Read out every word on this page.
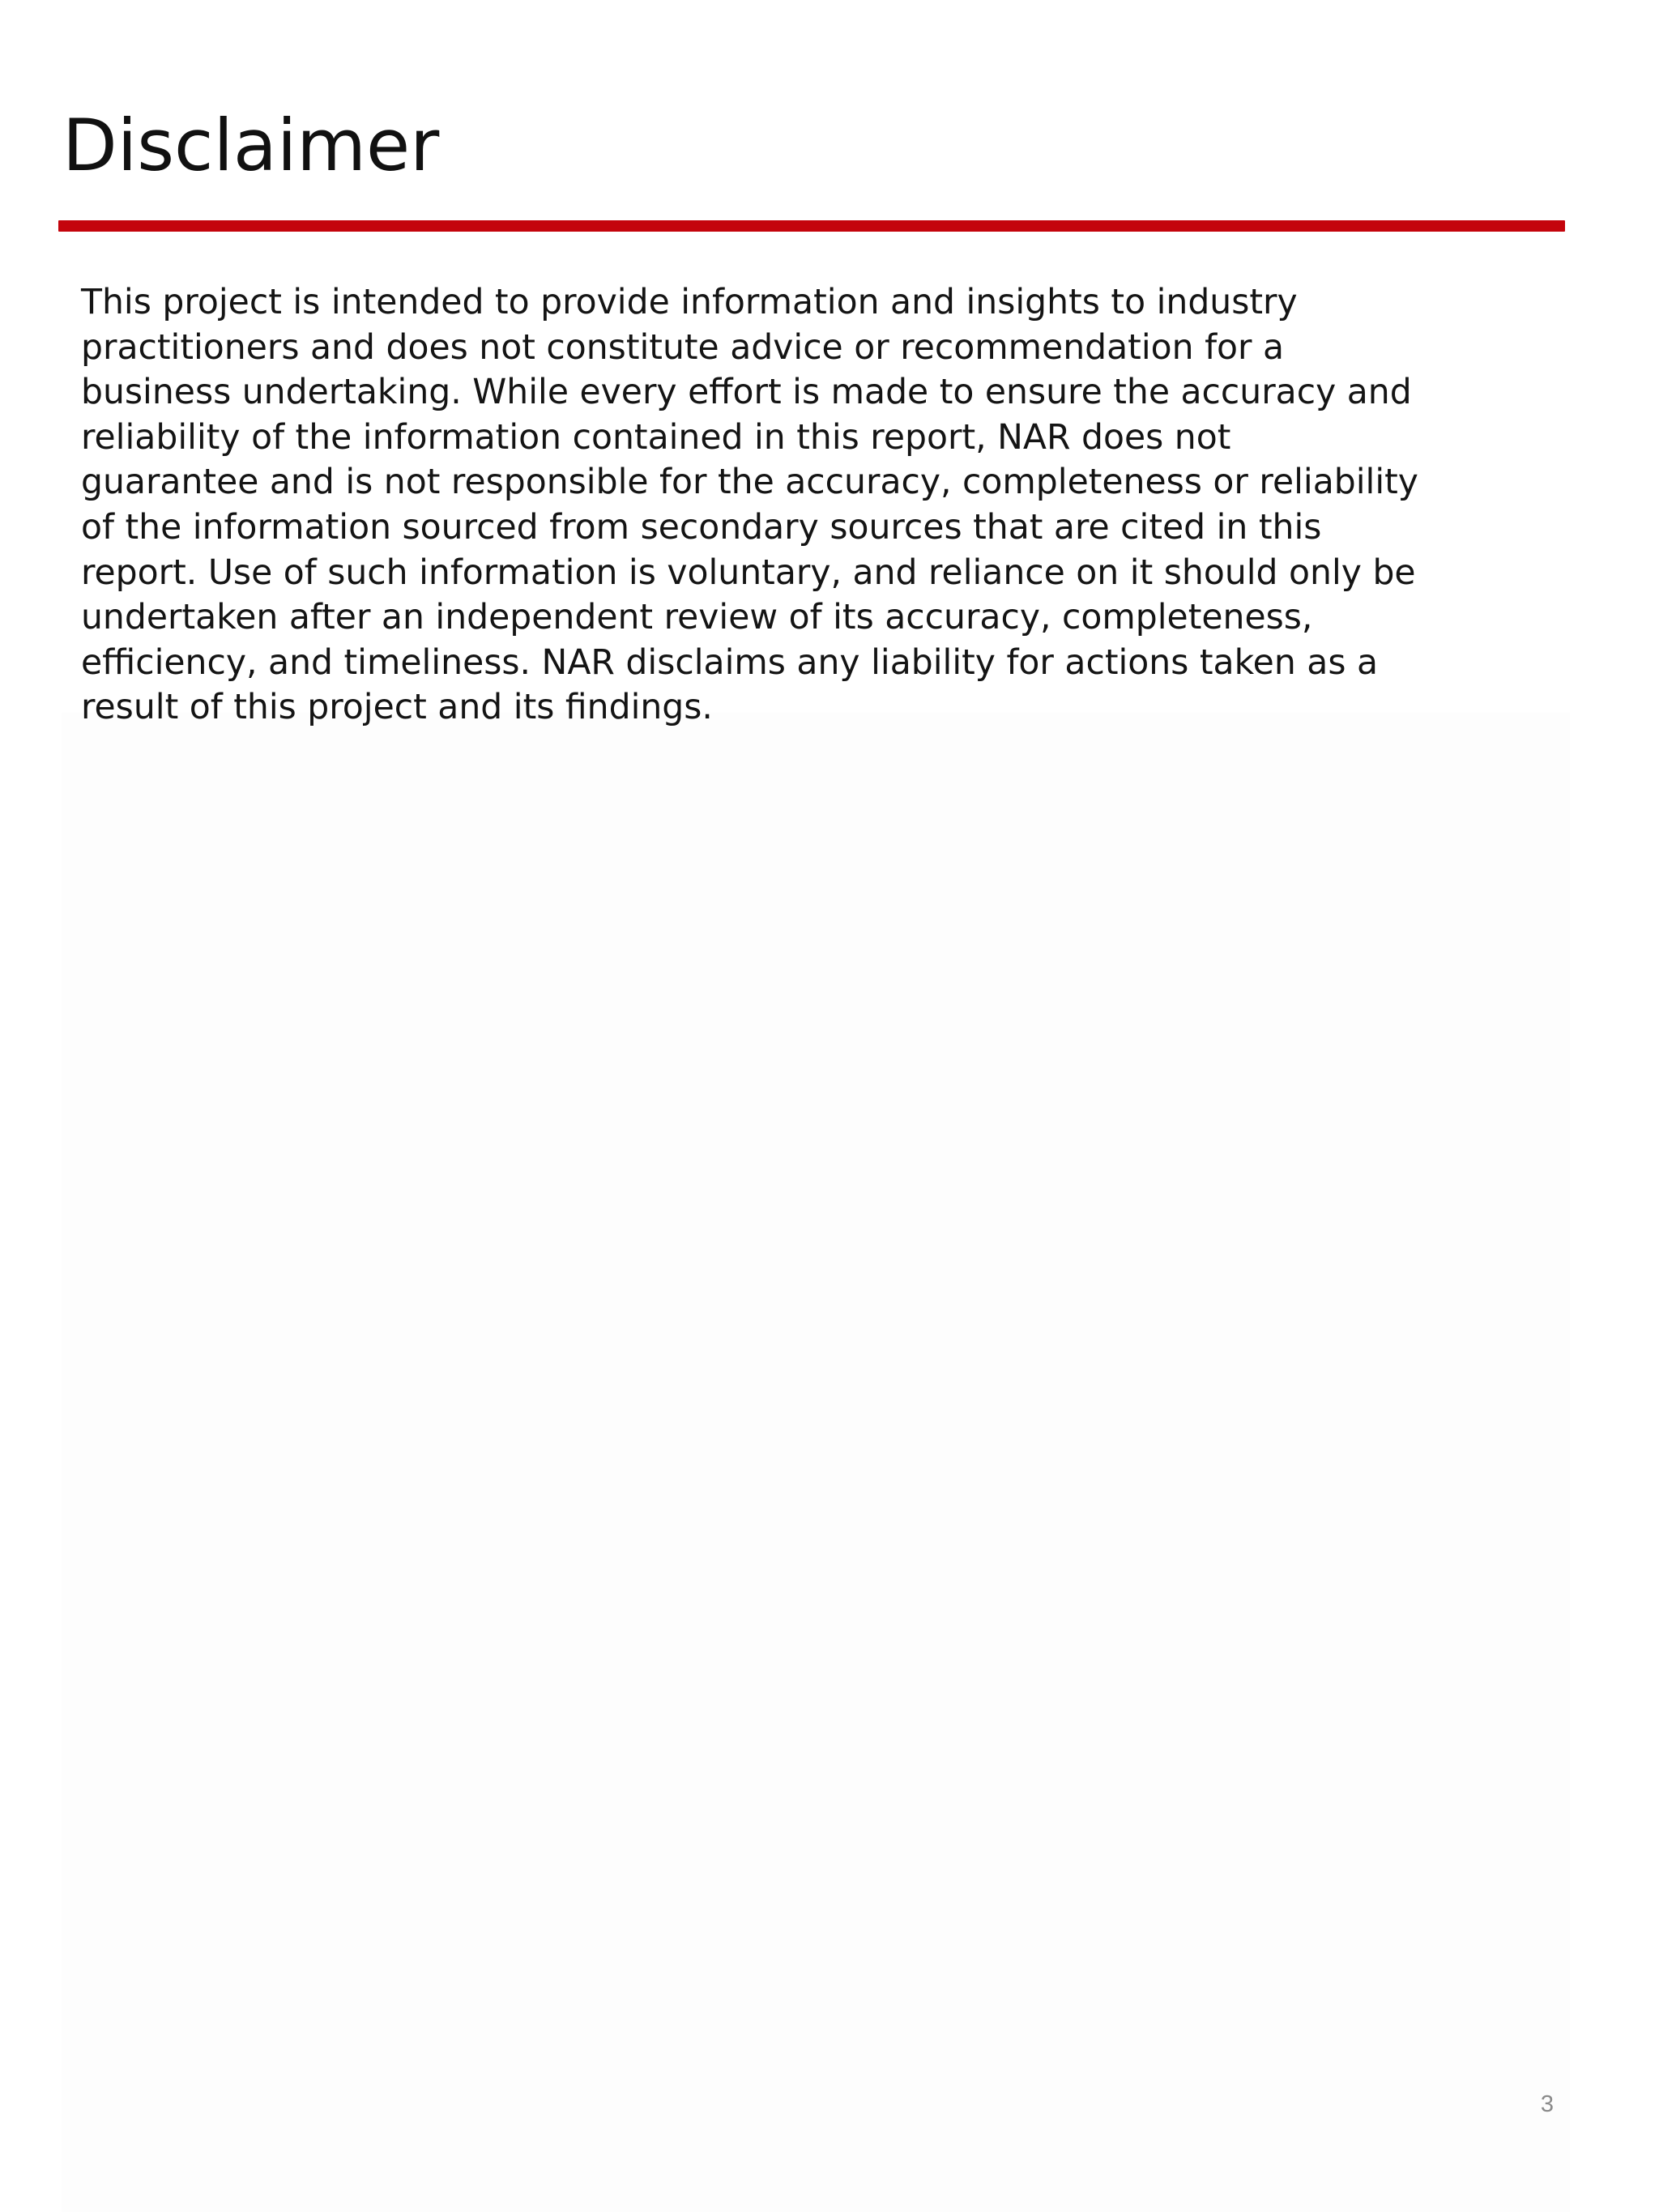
Disclaimer

This project is intended to provide information and insights to industry
practitioners and does not constitute advice or recommendation for a
business undertaking. While every effort is made to ensure the accuracy and
reliability of the information contained in this report, NAR does not
guarantee and is not responsible for the accuracy, completeness or reliability
of the information sourced from secondary sources that are cited in this
report. Use of such information is voluntary, and reliance on it should only be
undertaken after an independent review of its accuracy, completeness,
efficiency, and timeliness. NAR disclaims any liability for actions taken as a
result of this project and its findings.

3
